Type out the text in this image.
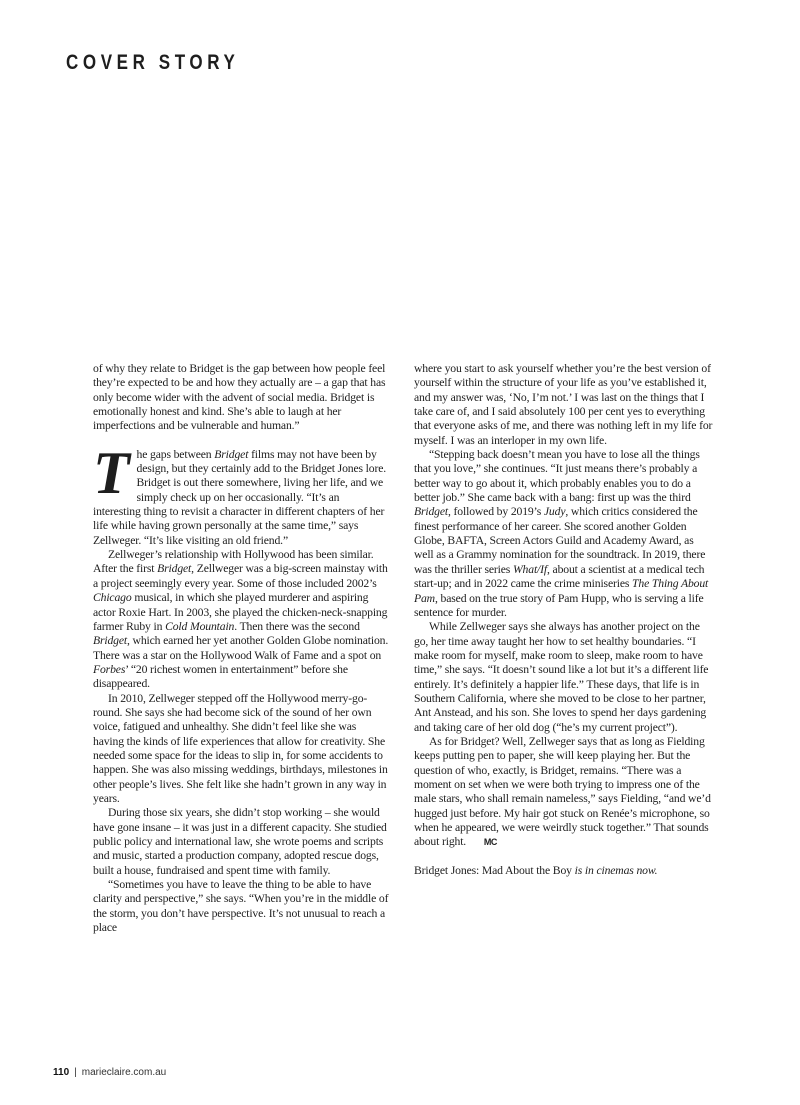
COVER STORY

of why they relate to Bridget is the gap between how people feel they’re expected to be and how they actually are – a gap that has only become wider with the advent of social media. Bridget is emotionally honest and kind. She’s able to laugh at her imperfections and be vulnerable and human.”

The gaps between Bridget films may not have been by design, but they certainly add to the Bridget Jones lore. Bridget is out there somewhere, living her life, and we simply check up on her occasionally. “It’s an interesting thing to revisit a character in different chapters of her life while having grown personally at the same time,” says Zellweger. “It’s like visiting an old friend.”

Zellweger’s relationship with Hollywood has been similar. After the first Bridget, Zellweger was a big-screen mainstay with a project seemingly every year. Some of those included 2002’s Chicago musical, in which she played murderer and aspiring actor Roxie Hart. In 2003, she played the chicken-neck-snapping farmer Ruby in Cold Mountain. Then there was the second Bridget, which earned her yet another Golden Globe nomination. There was a star on the Hollywood Walk of Fame and a spot on Forbes’ “20 richest women in entertainment” before she disappeared.

In 2010, Zellweger stepped off the Hollywood merry-go-round. She says she had become sick of the sound of her own voice, fatigued and unhealthy. She didn’t feel like she was having the kinds of life experiences that allow for creativity. She needed some space for the ideas to slip in, for some accidents to happen. She was also missing weddings, birthdays, milestones in other people’s lives. She felt like she hadn’t grown in any way in years.

During those six years, she didn’t stop working – she would have gone insane – it was just in a different capacity. She studied public policy and international law, she wrote poems and scripts and music, started a production company, adopted rescue dogs, built a house, fundraised and spent time with family.

“Sometimes you have to leave the thing to be able to have clarity and perspective,” she says. “When you’re in the middle of the storm, you don’t have perspective. It’s not unusual to reach a place

where you start to ask yourself whether you’re the best version of yourself within the structure of your life as you’ve established it, and my answer was, ‘No, I’m not.’ I was last on the things that I take care of, and I said absolutely 100 per cent yes to everything that everyone asks of me, and there was nothing left in my life for myself. I was an interloper in my own life.

“Stepping back doesn’t mean you have to lose all the things that you love,” she continues. “It just means there’s probably a better way to go about it, which probably enables you to do a better job.” She came back with a bang: first up was the third Bridget, followed by 2019’s Judy, which critics considered the finest performance of her career. She scored another Golden Globe, BAFTA, Screen Actors Guild and Academy Award, as well as a Grammy nomination for the soundtrack. In 2019, there was the thriller series What/If, about a scientist at a medical tech start-up; and in 2022 came the crime miniseries The Thing About Pam, based on the true story of Pam Hupp, who is serving a life sentence for murder.

While Zellweger says she always has another project on the go, her time away taught her how to set healthy boundaries. “I make room for myself, make room to sleep, make room to have time,” she says. “It doesn’t sound like a lot but it’s a different life entirely. It’s definitely a happier life.” These days, that life is in Southern California, where she moved to be close to her partner, Ant Anstead, and his son. She loves to spend her days gardening and taking care of her old dog (“he’s my current project”).

As for Bridget? Well, Zellweger says that as long as Fielding keeps putting pen to paper, she will keep playing her. But the question of who, exactly, is Bridget, remains. “There was a moment on set when we were both trying to impress one of the male stars, who shall remain nameless,” says Fielding, “and we’d hugged just before. My hair got stuck on Renée’s microphone, so when he appeared, we were weirdly stuck together.” That sounds about right. MC

Bridget Jones: Mad About the Boy is in cinemas now.

110 | marieclaire.com.au
